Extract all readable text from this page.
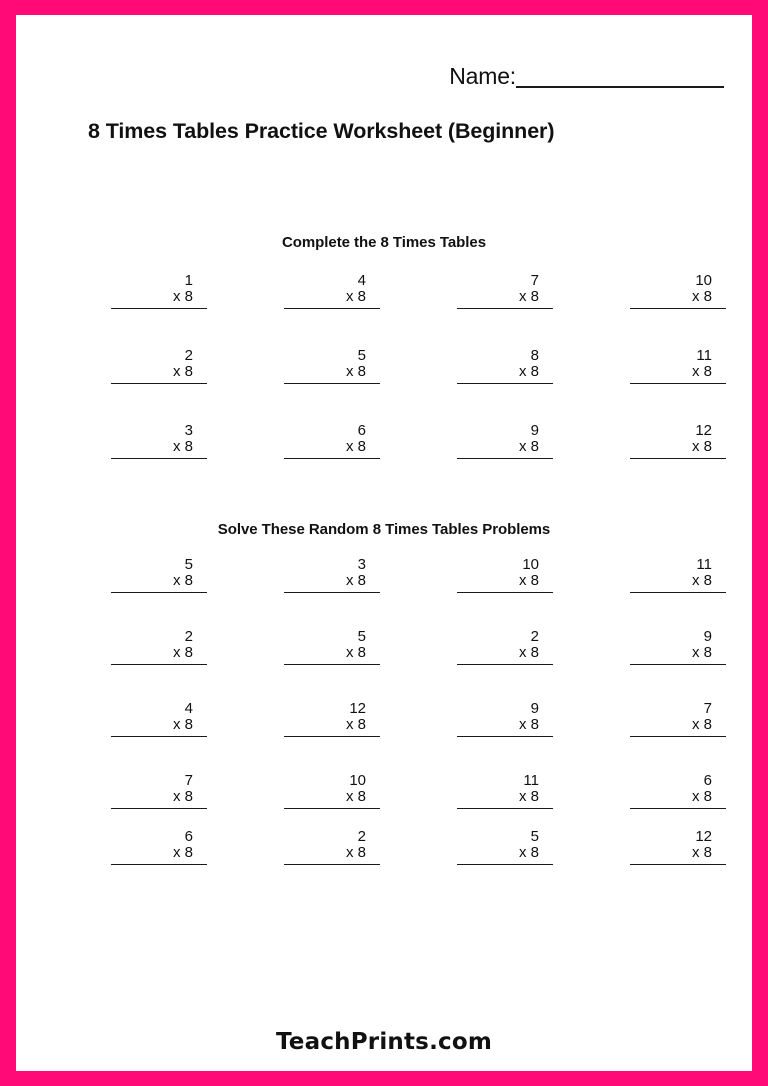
Name:
8 Times Tables Practice Worksheet (Beginner)
Complete the 8 Times Tables
1
x 8
4
x 8
7
x 8
10
x 8
2
x 8
5
x 8
8
x 8
11
x 8
3
x 8
6
x 8
9
x 8
12
x 8
Solve These Random 8 Times Tables Problems
5
x 8
3
x 8
10
x 8
11
x 8
2
x 8
5
x 8
2
x 8
9
x 8
4
x 8
12
x 8
9
x 8
7
x 8
7
x 8
10
x 8
11
x 8
6
x 8
6
x 8
2
x 8
5
x 8
12
x 8
TeachPrints.com
